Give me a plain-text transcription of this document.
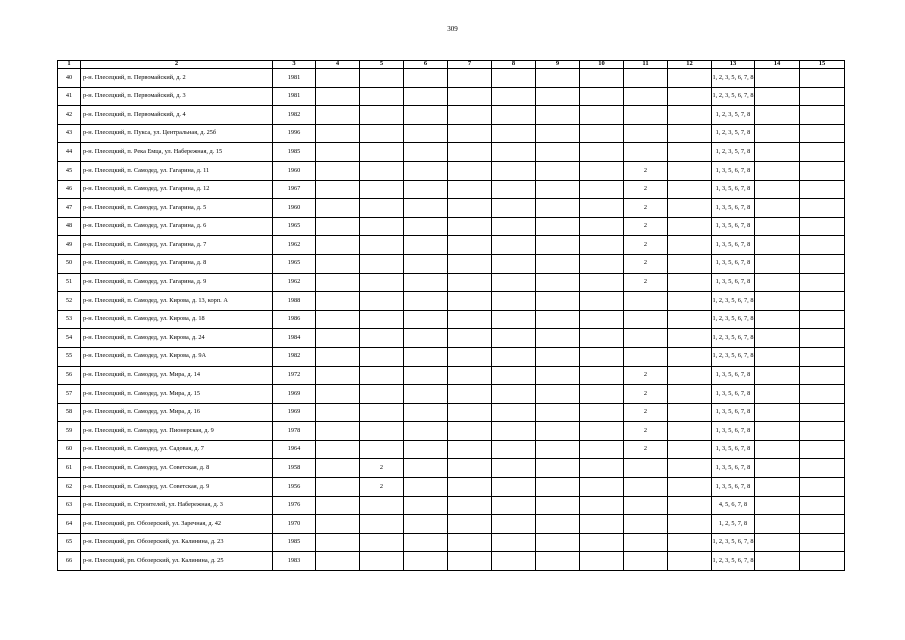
309
1	2	3	4	5	6	7	8	9	10	11	12	13	14	15
40	р-н. Плесецкий, п. Первомайский, д. 2	1981										1, 2, 3, 5, 6, 7, 8		
41	р-н. Плесецкий, п. Первомайский, д. 3	1981										1, 2, 3, 5, 6, 7, 8		
42	р-н. Плесецкий, п. Первомайский, д. 4	1982										1, 2, 3, 5, 7, 8		
43	р-н. Плесецкий, п. Пукса, ул. Центральная, д. 25б	1996										1, 2, 3, 5, 7, 8		
44	р-н. Плесецкий, п. Река Емца, ул. Набережная, д. 15	1985										1, 2, 3, 5, 7, 8		
45	р-н. Плесецкий, п. Самодед, ул. Гагарина, д. 11	1960								2		1, 3, 5, 6, 7, 8		
46	р-н. Плесецкий, п. Самодед, ул. Гагарина, д. 12	1967								2		1, 3, 5, 6, 7, 8		
47	р-н. Плесецкий, п. Самодед, ул. Гагарина, д. 5	1960								2		1, 3, 5, 6, 7, 8		
48	р-н. Плесецкий, п. Самодед, ул. Гагарина, д. 6	1965								2		1, 3, 5, 6, 7, 8		
49	р-н. Плесецкий, п. Самодед, ул. Гагарина, д. 7	1962								2		1, 3, 5, 6, 7, 8		
50	р-н. Плесецкий, п. Самодед, ул. Гагарина, д. 8	1965								2		1, 3, 5, 6, 7, 8		
51	р-н. Плесецкий, п. Самодед, ул. Гагарина, д. 9	1962								2		1, 3, 5, 6, 7, 8		
52	р-н. Плесецкий, п. Самодед, ул. Кирова, д. 13, корп. А	1988										1, 2, 3, 5, 6, 7, 8		
53	р-н. Плесецкий, п. Самодед, ул. Кирова, д. 18	1986										1, 2, 3, 5, 6, 7, 8		
54	р-н. Плесецкий, п. Самодед, ул. Кирова, д. 24	1984										1, 2, 3, 5, 6, 7, 8		
55	р-н. Плесецкий, п. Самодед, ул. Кирова, д. 9А	1982										1, 2, 3, 5, 6, 7, 8		
56	р-н. Плесецкий, п. Самодед, ул. Мира, д. 14	1972								2		1, 3, 5, 6, 7, 8		
57	р-н. Плесецкий, п. Самодед, ул. Мира, д. 15	1969								2		1, 3, 5, 6, 7, 8		
58	р-н. Плесецкий, п. Самодед, ул. Мира, д. 16	1969								2		1, 3, 5, 6, 7, 8		
59	р-н. Плесецкий, п. Самодед, ул. Пионерская, д. 9	1978								2		1, 3, 5, 6, 7, 8		
60	р-н. Плесецкий, п. Самодед, ул. Садовая, д. 7	1964								2		1, 3, 5, 6, 7, 8		
61	р-н. Плесецкий, п. Самодед, ул. Советская, д. 8	1958		2								1, 3, 5, 6, 7, 8		
62	р-н. Плесецкий, п. Самодед, ул. Советская, д. 9	1956		2								1, 3, 5, 6, 7, 8		
63	р-н. Плесецкий, п. Строителей, ул. Набережная, д. 3	1976										4, 5, 6, 7, 8		
64	р-н. Плесецкий, рп. Обозерский, ул. Заречная, д. 42	1970										1, 2, 5, 7, 8		
65	р-н. Плесецкий, рп. Обозерский, ул. Калинина, д. 23	1985										1, 2, 3, 5, 6, 7, 8		
66	р-н. Плесецкий, рп. Обозерский, ул. Калинина, д. 25	1983										1, 2, 3, 5, 6, 7, 8		
